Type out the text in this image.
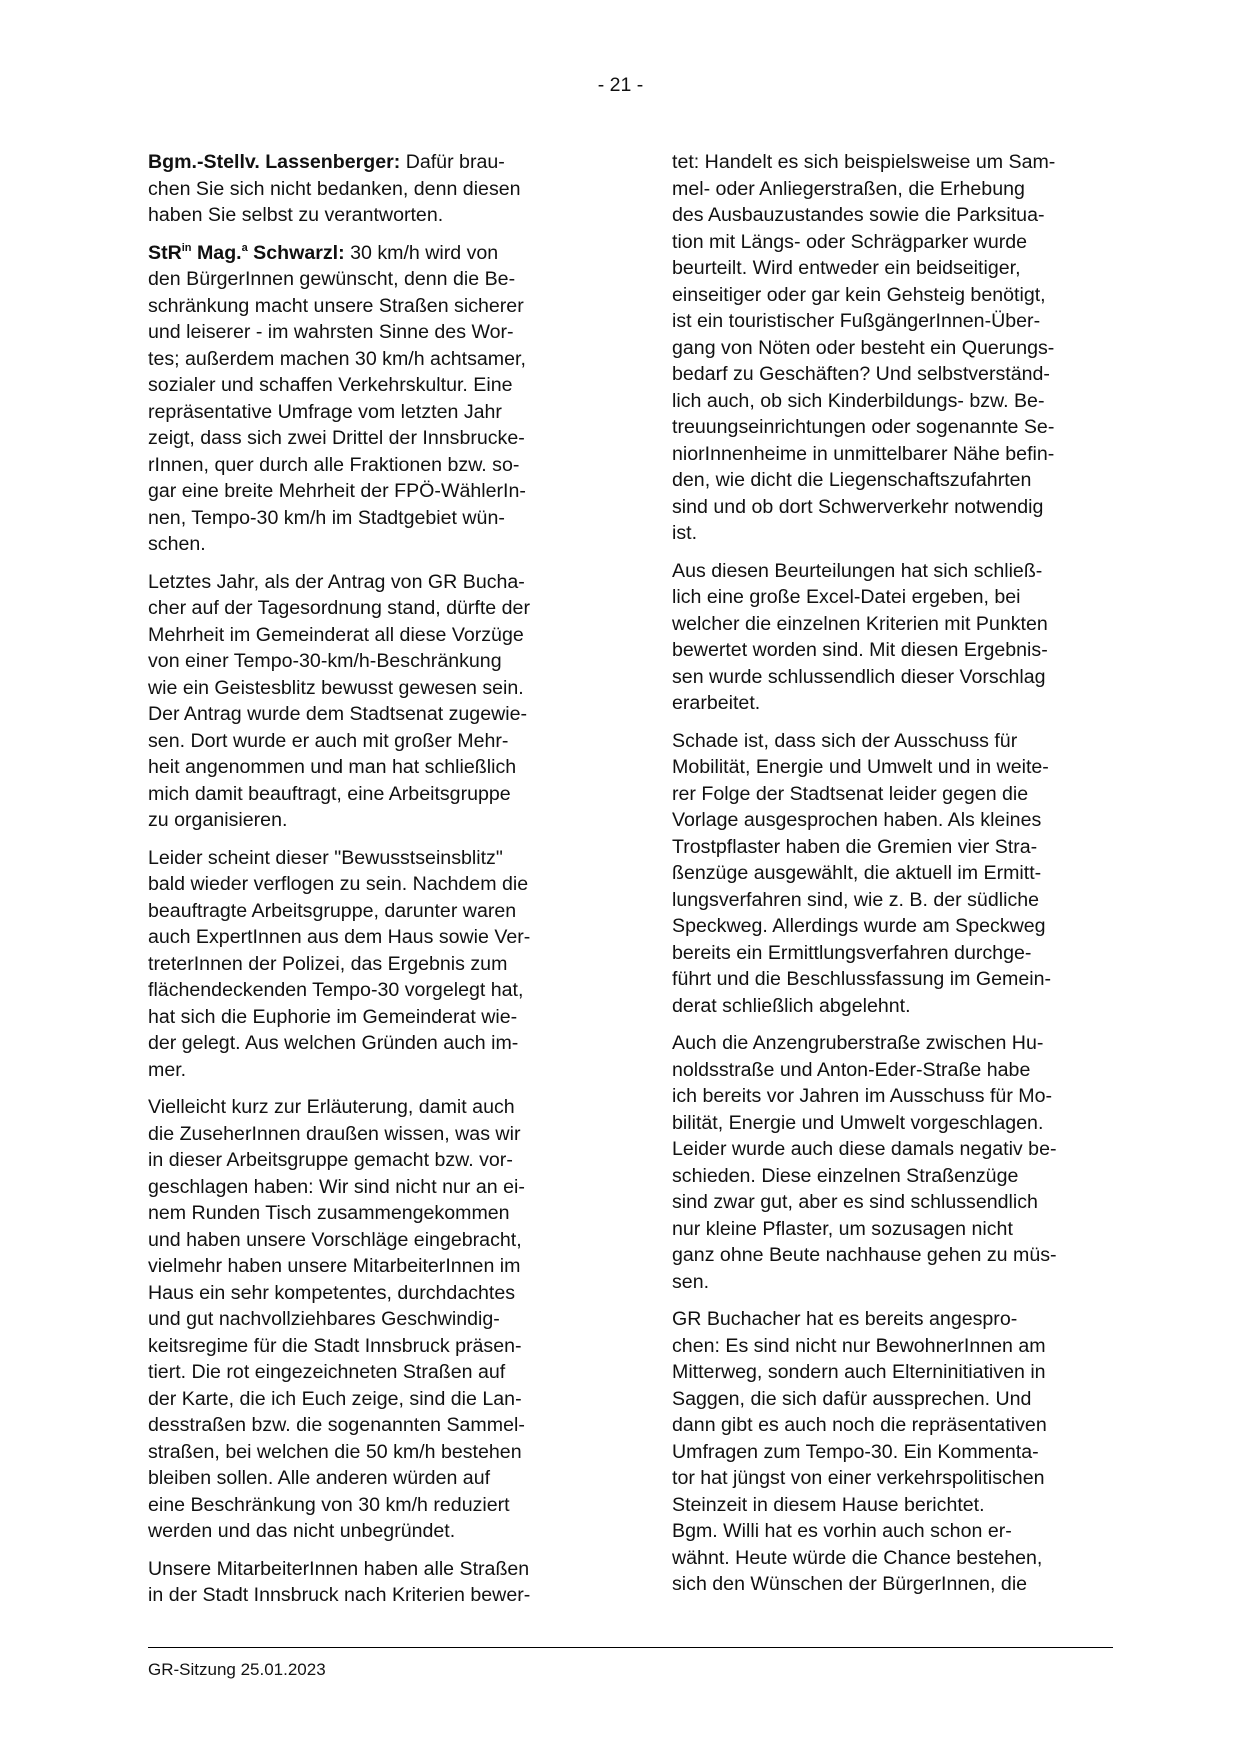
- 21 -
Bgm.-Stellv. Lassenberger: Dafür brau-
chen Sie sich nicht bedanken, denn diesen
haben Sie selbst zu verantworten.
StR$^{in}$ Mag.$^a$ Schwarzl: 30 km/h wird von
den BürgerInnen gewünscht, denn die Be-
schränkung macht unsere Straßen sicherer
und leiserer - im wahrsten Sinne des Wor-
tes; außerdem machen 30 km/h achtsamer,
sozialer und schaffen Verkehrskultur. Eine
repräsentative Umfrage vom letzten Jahr
zeigt, dass sich zwei Drittel der Innsbrucke-
rInnen, quer durch alle Fraktionen bzw. so-
gar eine breite Mehrheit der FPÖ-WählerIn-
nen, Tempo-30 km/h im Stadtgebiet wün-
schen.
Letztes Jahr, als der Antrag von GR Bucha-
cher auf der Tagesordnung stand, dürfte der
Mehrheit im Gemeinderat all diese Vorzüge
von einer Tempo-30-km/h-Beschränkung
wie ein Geistesblitz bewusst gewesen sein.
Der Antrag wurde dem Stadtsenat zugewie-
sen. Dort wurde er auch mit großer Mehr-
heit angenommen und man hat schließlich
mich damit beauftragt, eine Arbeitsgruppe
zu organisieren.
Leider scheint dieser "Bewusstseinsblitz"
bald wieder verflogen zu sein. Nachdem die
beauftragte Arbeitsgruppe, darunter waren
auch ExpertInnen aus dem Haus sowie Ver-
treterInnen der Polizei, das Ergebnis zum
flächendeckenden Tempo-30 vorgelegt hat,
hat sich die Euphorie im Gemeinderat wie-
der gelegt. Aus welchen Gründen auch im-
mer.
Vielleicht kurz zur Erläuterung, damit auch
die ZuseherInnen draußen wissen, was wir
in dieser Arbeitsgruppe gemacht bzw. vor-
geschlagen haben: Wir sind nicht nur an ei-
nem Runden Tisch zusammengekommen
und haben unsere Vorschläge eingebracht,
vielmehr haben unsere MitarbeiterInnen im
Haus ein sehr kompetentes, durchdachtes
und gut nachvollziehbares Geschwindig-
keitsregime für die Stadt Innsbruck präsen-
tiert. Die rot eingezeichneten Straßen auf
der Karte, die ich Euch zeige, sind die Lan-
desstraßen bzw. die sogenannten Sammel-
straßen, bei welchen die 50 km/h bestehen
bleiben sollen. Alle anderen würden auf
eine Beschränkung von 30 km/h reduziert
werden und das nicht unbegründet.
Unsere MitarbeiterInnen haben alle Straßen
in der Stadt Innsbruck nach Kriterien bewer-
tet: Handelt es sich beispielsweise um Sam-
mel- oder Anliegerstraßen, die Erhebung
des Ausbauzustandes sowie die Parksitua-
tion mit Längs- oder Schrägparker wurde
beurteilt. Wird entweder ein beidseitiger,
einseitiger oder gar kein Gehsteig benötigt,
ist ein touristischer FußgängerInnen-Über-
gang von Nöten oder besteht ein Querungs-
bedarf zu Geschäften? Und selbstverständ-
lich auch, ob sich Kinderbildungs- bzw. Be-
treuungseinrichtungen oder sogenannte Se-
niorInnenheime in unmittelbarer Nähe befin-
den, wie dicht die Liegenschaftszufahrten
sind und ob dort Schwerverkehr notwendig
ist.
Aus diesen Beurteilungen hat sich schließ-
lich eine große Excel-Datei ergeben, bei
welcher die einzelnen Kriterien mit Punkten
bewertet worden sind. Mit diesen Ergebnis-
sen wurde schlussendlich dieser Vorschlag
erarbeitet.
Schade ist, dass sich der Ausschuss für
Mobilität, Energie und Umwelt und in weite-
rer Folge der Stadtsenat leider gegen die
Vorlage ausgesprochen haben. Als kleines
Trostpflaster haben die Gremien vier Stra-
ßenzüge ausgewählt, die aktuell im Ermitt-
lungsverfahren sind, wie z. B. der südliche
Speckweg. Allerdings wurde am Speckweg
bereits ein Ermittlungsverfahren durchge-
führt und die Beschlussfassung im Gemein-
derat schließlich abgelehnt.
Auch die Anzengruberstraße zwischen Hu-
noldsstraße und Anton-Eder-Straße habe
ich bereits vor Jahren im Ausschuss für Mo-
bilität, Energie und Umwelt vorgeschlagen.
Leider wurde auch diese damals negativ be-
schieden. Diese einzelnen Straßenzüge
sind zwar gut, aber es sind schlussendlich
nur kleine Pflaster, um sozusagen nicht
ganz ohne Beute nachhause gehen zu müs-
sen.
GR Buchacher hat es bereits angespro-
chen: Es sind nicht nur BewohnerInnen am
Mitterweg, sondern auch Elterninitiativen in
Saggen, die sich dafür aussprechen. Und
dann gibt es auch noch die repräsentativen
Umfragen zum Tempo-30. Ein Kommenta-
tor hat jüngst von einer verkehrspolitischen
Steinzeit in diesem Hause berichtet.
Bgm. Willi hat es vorhin auch schon er-
wähnt. Heute würde die Chance bestehen,
sich den Wünschen der BürgerInnen, die
GR-Sitzung 25.01.2023
